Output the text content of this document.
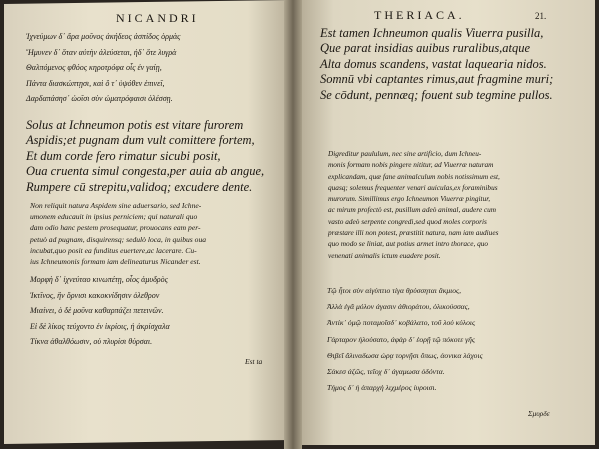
NICANDRI
Ἰχνεύμων δ᾽ ἄρα μοῦνος ἀκήδεος ἀσπίδος ὁρμὰς
Ἤμυνεν δ᾽ ὅταν αὐτὴν ἀλεύσεται, ἠδ᾽ ὅτε λυγρὰ
Θαλπόμενος φθόος κηροτρόφα οἷς ἐν γαίῃ,
Πάντα διασκώπτῃσι, καὶ ὅ τ᾽ ὑψόθεν ἐπινεῖ,
Δαρδαπάσησ᾽ ὠοῖσι σὺν ὠματρόφαισι ὀλέσσῃ.
Solus at Ichneumon potis est vitare furorem
Aspidis;et pugnam dum vult comittere fortem,
Et dum corde fero rimatur sicubi posit,
Oua cruenta simul congesta,per auia ab angue,
Rumpere cū strepitu,validoq; excudere dente.
Non reliquit natura Aspidem sine aduersario, sed Ichne-
umonem educauit in ipsius perniciem; qui naturali quo
dam odio hanc pestem prosequatur, prouocans eam per-
petuò ad pugnam, disquirensq; sedulò loca, in quibus oua
incubat,quo posit ea funditus euertere,ac lacerare. Cu-
ius Ichneumonis formam iam delineaturus Nicander est.
Μορφὴ δ᾽ ἰχνεύταο κινωπέτῃ, οἷος ἀμυδρὸς
Ἰκτῖνος, ἣν ὄρνισι κακοκνίδησιν ὀλεθρον
Μιαίνει, ὁ δὲ μοῦνα καθαρπάζει πετεινῶν.
Εἰ δὲ λίκος τεύχοντο ἐν ἰκρίοις, ἠ ἀκρίσχαλα
Τίκνα ἀθαλθόωσιν, οὐ πλυρίσι θύρσαι.
Est ta
THERIACA.	21.
Est tamen Ichneumon qualis Viuerra pusilla,
Que parat insidias auibus ruralibus,atque
Alta domus scandens, vastat laquearia nidos.
Somnū vbi captantes rimus,aut fragmine muri;
Se cōdunt, pennæq; fouent sub tegmine pullos.
Digreditur paululum, nec sine artificio, dum Ichneu-
monis formam nobis pingere nititur, ad Viuerræ naturam
explicandam, quæ fane animalculum nobis notissimum est,
quasq; solemus frequenter venari auiculas,ex foraminibus
murorum. Simillimus ergo Ichneumon Viuerræ pingitur,
ac mirum profectò est, pusillum adeò animal, audere cum
vasto adeò serpente congredi,sed quod moles corporis
præstare illi non potest, præstitit natura, nam iam audiues
quo modo se liniat, aut potius armet intro thorace, quo
venenati animalis ictum euadere posit.
Τῷ ἦτοι σὺν αἰγύπτιο τίγα θρύσσηται ἄκμιος,
Ἀλλὰ ἐγᾶ μόλον ἀγασιν ἀθιοράτου, ὀλικούσσας,
Ἀντίκ᾽ ὀμῷ ποταμοῖσδ᾽ κοβάλατο, τοῦ λού κύλοις
Γάρταρον ἠλούσατο, ἀφὰρ δ᾽ ἑορῇ τῷ πόκοτε γῆς
Θιβεῖ ἄλιναδωσα ὠρᾳ τορνῇσι ὅπως, ἀονικα λάχοις
Σάκεσ ἀζῶς, τεῖοχ δ᾽ ἀγαμωσα ὀδόντα.
Τήμος δ᾽ ἠ ἀπαρχὴ λιχμέρος ἰυροισι.
Σμυρδε
